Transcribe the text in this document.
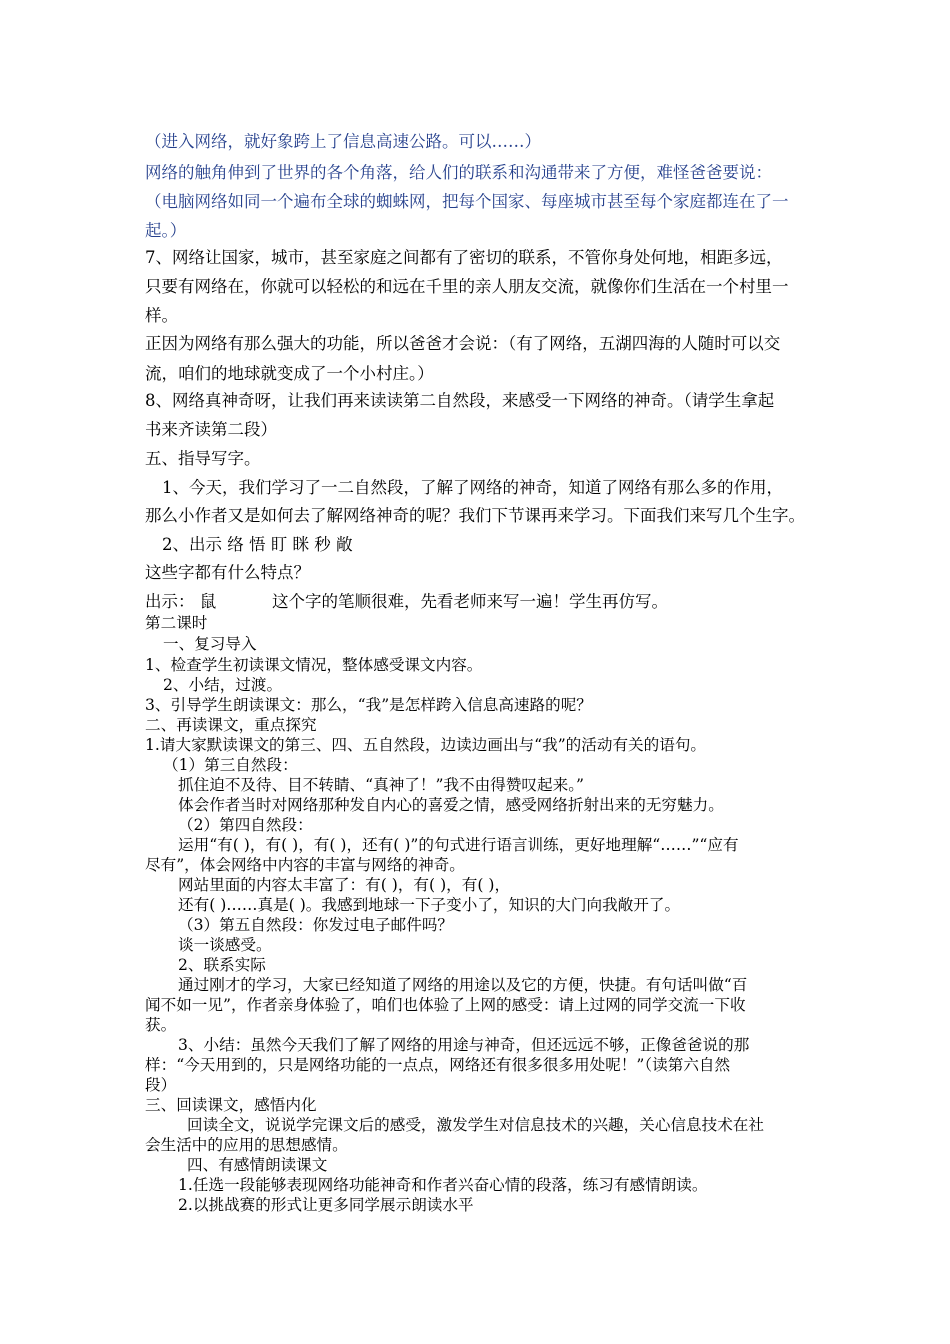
（进入网络，就好象跨上了信息高速公路。可以……）
网络的触角伸到了世界的各个角落，给人们的联系和沟通带来了方便，难怪爸爸要说：
（电脑网络如同一个遍布全球的蜘蛛网，把每个国家、每座城市甚至每个家庭都连在了一
起。）
7、网络让国家，城市，甚至家庭之间都有了密切的联系，不管你身处何地，相距多远，
只要有网络在，你就可以轻松的和远在千里的亲人朋友交流，就像你们生活在一个村里一
样。
正因为网络有那么强大的功能，所以爸爸才会说：（有了网络，五湖四海的人随时可以交
流，咱们的地球就变成了一个小村庄。）
8、网络真神奇呀，让我们再来读读第二自然段，来感受一下网络的神奇。（请学生拿起
书来齐读第二段）
五、指导写字。
1、今天，我们学习了一二自然段，了解了网络的神奇，知道了网络有那么多的作用，
那么小作者又是如何去了解网络神奇的呢？我们下节课再来学习。下面我们来写几个生字。
2、出示 络 悟 盯 眯 秒 敞
这些字都有什么特点？
出示： 鼠	这个字的笔顺很难，先看老师来写一遍！学生再仿写。
第二课时
一、复习导入
1、检查学生初读课文情况，整体感受课文内容。
2、小结，过渡。
3、引导学生朗读课文：那么，“我”是怎样跨入信息高速路的呢？
二、再读课文，重点探究
1.请大家默读课文的第三、四、五自然段，边读边画出与“我”的活动有关的语句。
（1）第三自然段：
抓住迫不及待、目不转睛、“真神了！”我不由得赞叹起来。”
体会作者当时对网络那种发自内心的喜爱之情，感受网络折射出来的无穷魅力。
（2）第四自然段：
运用“有( )，有( )，有( )，还有( )”的句式进行语言训练，更好地理解“……”“应有
尽有”，体会网络中内容的丰富与网络的神奇。
网站里面的内容太丰富了：有( )，有( )，有( )，
还有( )……真是( )。我感到地球一下子变小了，知识的大门向我敞开了。
（3）第五自然段：你发过电子邮件吗？
谈一谈感受。
2、联系实际
通过刚才的学习，大家已经知道了网络的用途以及它的方便，快捷。有句话叫做“百
闻不如一见”，作者亲身体验了，咱们也体验了上网的感受：请上过网的同学交流一下收
获。
3、小结：虽然今天我们了解了网络的用途与神奇，但还远远不够，正像爸爸说的那
样：“今天用到的，只是网络功能的一点点，网络还有很多很多用处呢！”（读第六自然
段）
三、回读课文，感悟内化
回读全文，说说学完课文后的感受，激发学生对信息技术的兴趣，关心信息技术在社
会生活中的应用的思想感情。
四、有感情朗读课文
1.任选一段能够表现网络功能神奇和作者兴奋心情的段落，练习有感情朗读。
2.以挑战赛的形式让更多同学展示朗读水平
